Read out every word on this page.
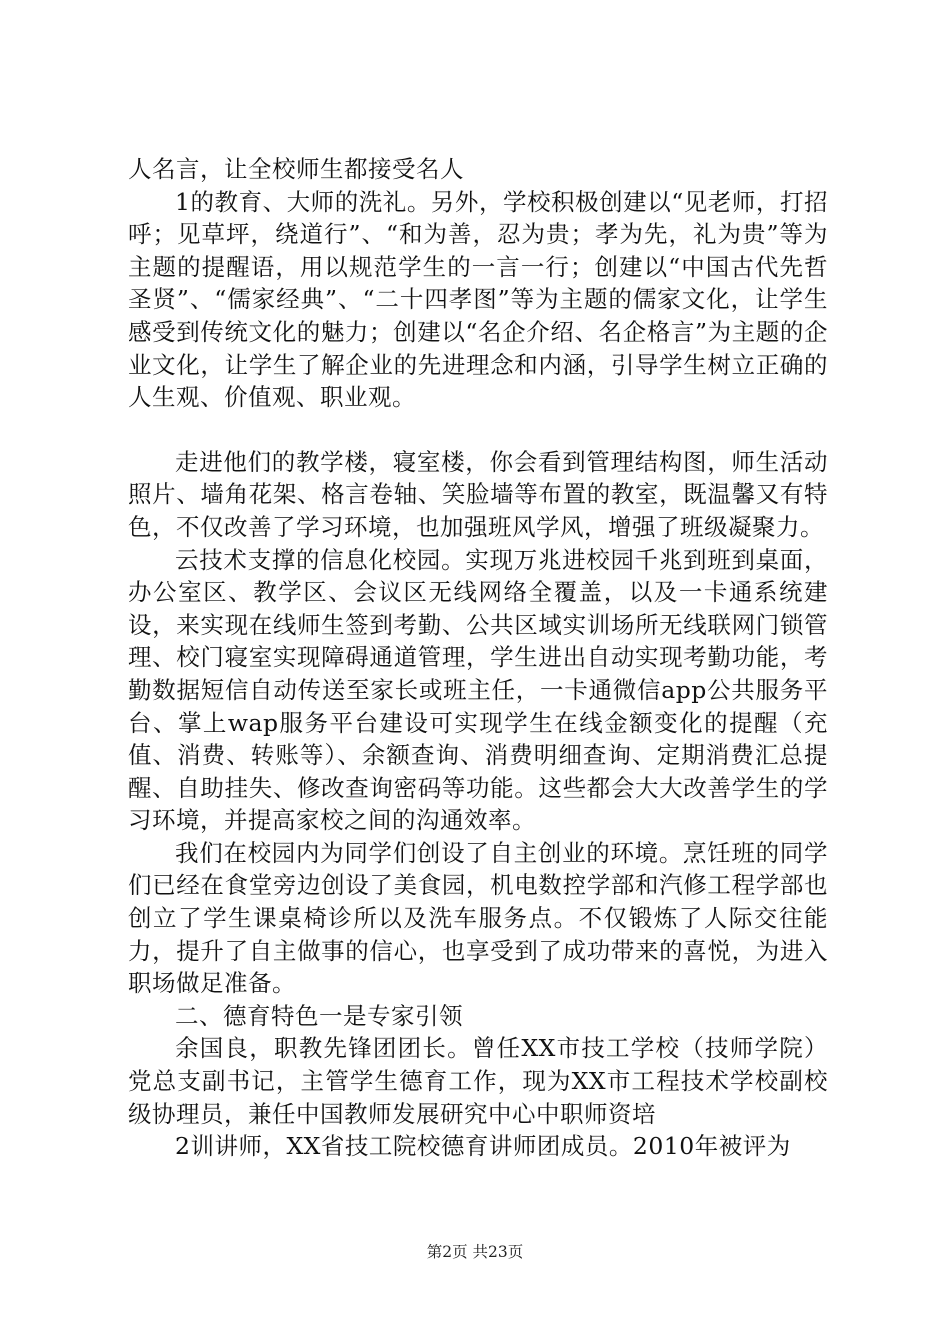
人名言，让全校师生都接受名人

1的教育、大师的洗礼。另外，学校积极创建以“见老师，打招呼；见草坪，绕道行”、“和为善，忍为贵；孝为先，礼为贵”等为主题的提醒语，用以规范学生的一言一行；创建以“中国古代先哲圣贤”、“儒家经典”、“二十四孝图”等为主题的儒家文化，让学生感受到传统文化的魅力；创建以“名企介绍、名企格言”为主题的企业文化，让学生了解企业的先进理念和内涵，引导学生树立正确的人生观、价值观、职业观。

走进他们的教学楼，寝室楼，你会看到管理结构图，师生活动照片、墙角花架、格言卷轴、笑脸墙等布置的教室，既温馨又有特色，不仅改善了学习环境，也加强班风学风，增强了班级凝聚力。

云技术支撑的信息化校园。实现万兆进校园千兆到班到桌面，办公室区、教学区、会议区无线网络全覆盖，以及一卡通系统建设，来实现在线师生签到考勤、公共区域实训场所无线联网门锁管理、校门寝室实现障碍通道管理，学生进出自动实现考勤功能，考勤数据短信自动传送至家长或班主任，一卡通微信app公共服务平台、掌上wap服务平台建设可实现学生在线金额变化的提醒（充值、消费、转账等）、余额查询、消费明细查询、定期消费汇总提醒、自助挂失、修改查询密码等功能。这些都会大大改善学生的学习环境，并提高家校之间的沟通效率。

我们在校园内为同学们创设了自主创业的环境。烹饪班的同学们已经在食堂旁边创设了美食园，机电数控学部和汽修工程学部也创立了学生课桌椅诊所以及洗车服务点。不仅锻炼了人际交往能力，提升了自主做事的信心，也享受到了成功带来的喜悦，为进入职场做足准备。

二、德育特色一是专家引领

余国良，职教先锋团团长。曾任XX市技工学校（技师学院）党总支副书记，主管学生德育工作，现为XX市工程技术学校副校级协理员，兼任中国教师发展研究中心中职师资培

2训讲师，XX省技工院校德育讲师团成员。2010年被评为

第2页 共23页
